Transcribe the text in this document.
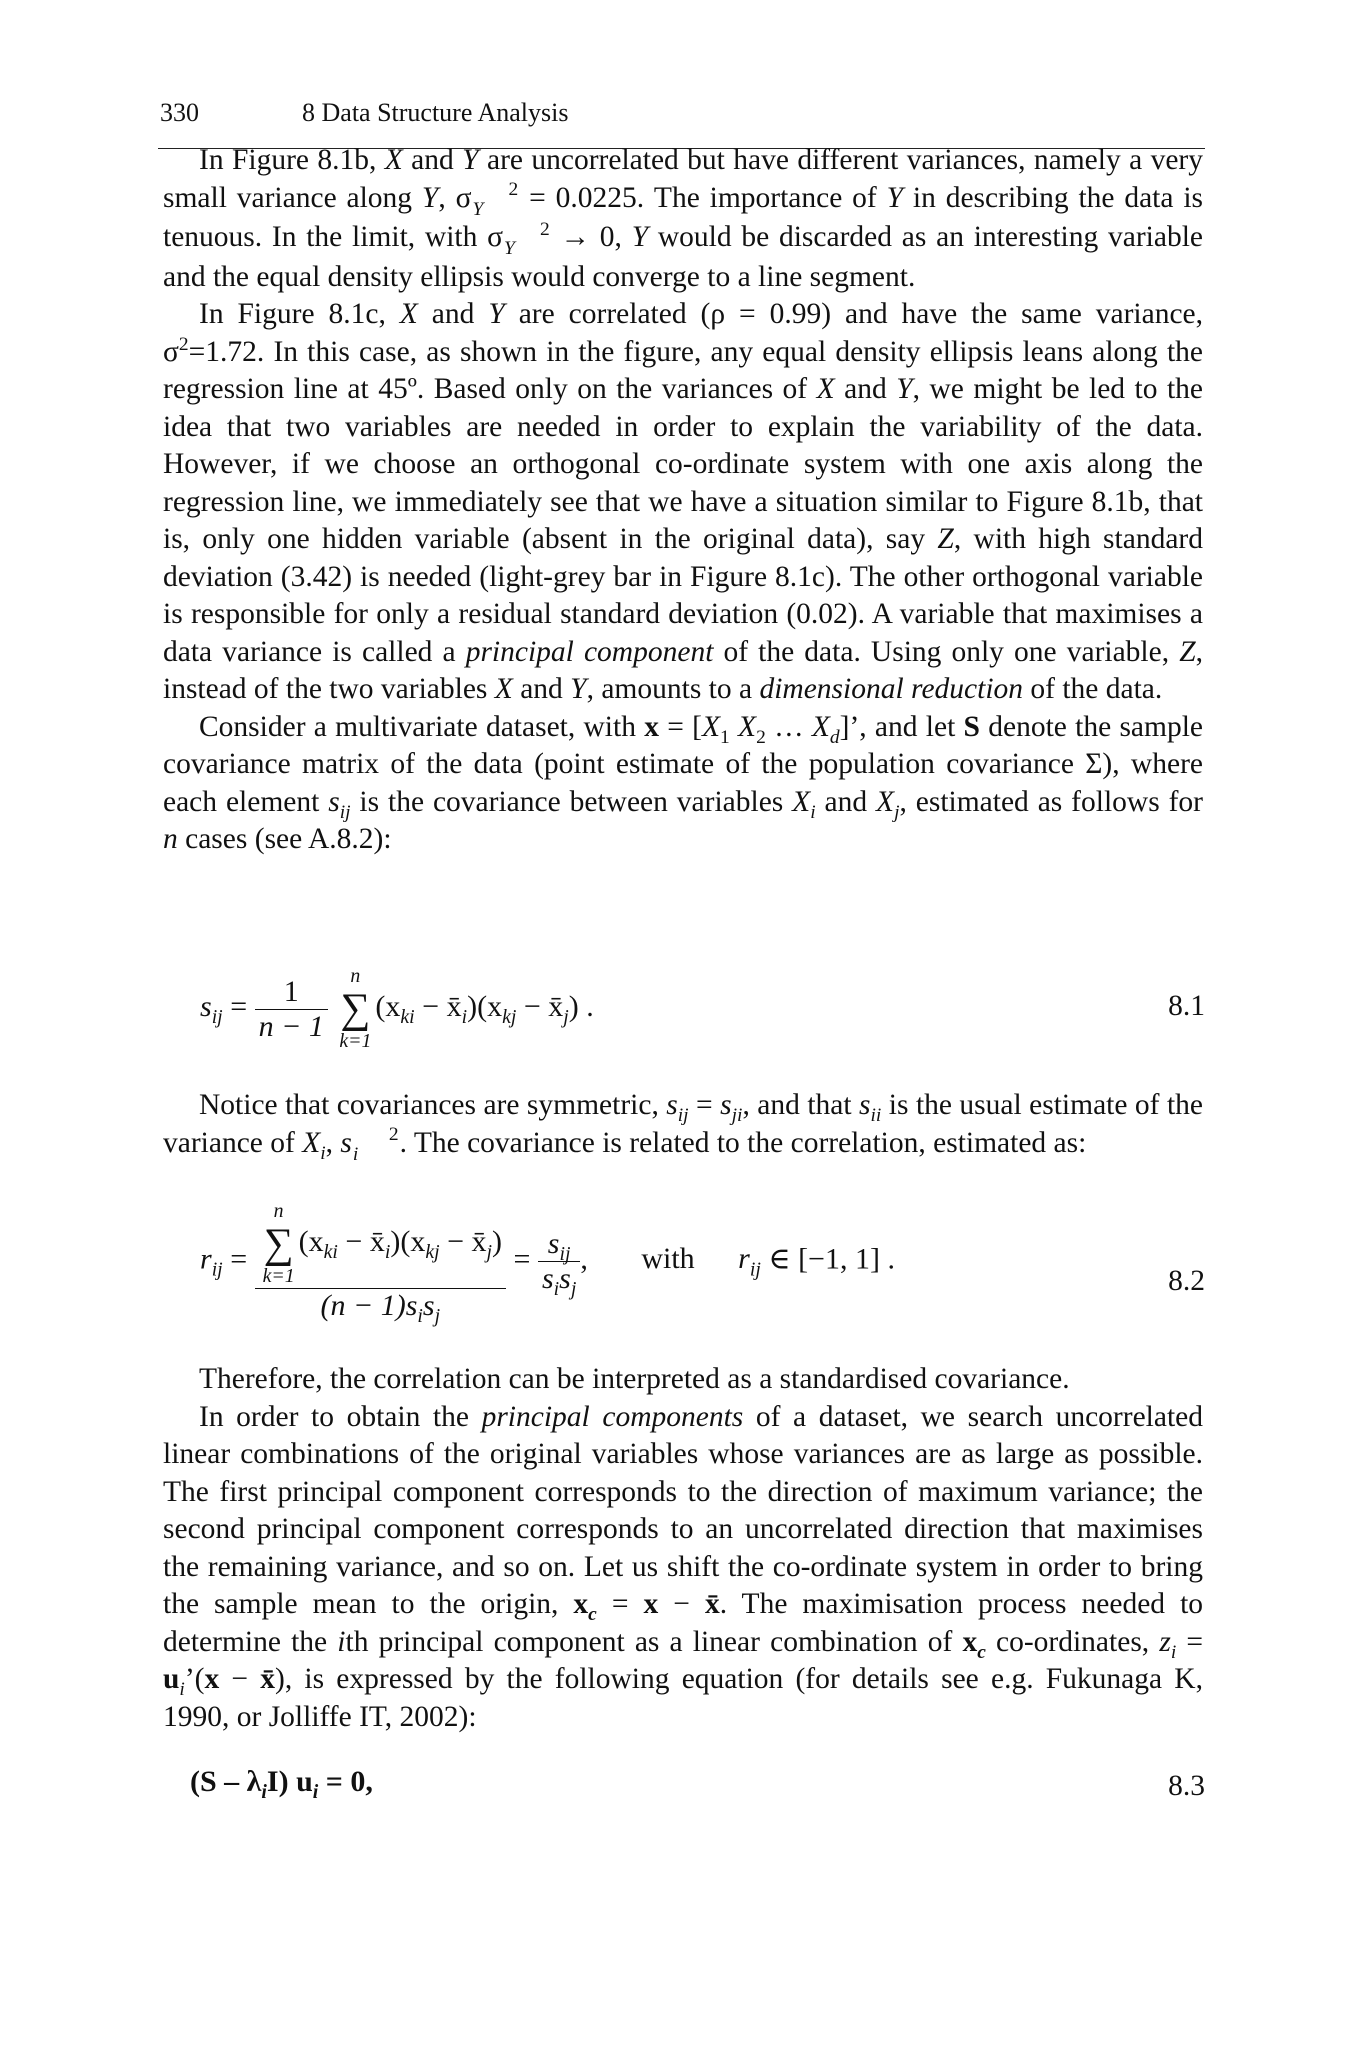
330	8 Data Structure Analysis

In Figure 8.1b, X and Y are uncorrelated but have different variances, namely a very small variance along Y, σ	2
Y = 0.0225. The importance of Y in describing the data is tenuous. In the limit, with σ	2
Y → 0, Y would be discarded as an interesting variable and the equal density ellipsis would converge to a line segment.

In Figure 8.1c, X and Y are correlated (ρ = 0.99) and have the same variance, $\sigma^2=1.72$. In this case, as shown in the figure, any equal density ellipsis leans along the regression line at 45º. Based only on the variances of X and Y, we might be led to the idea that two variables are needed in order to explain the variability of the data. However, if we choose an orthogonal co-ordinate system with one axis along the regression line, we immediately see that we have a situation similar to Figure 8.1b, that is, only one hidden variable (absent in the original data), say Z, with high standard deviation (3.42) is needed (light-grey bar in Figure 8.1c). The other orthogonal variable is responsible for only a residual standard deviation (0.02). A variable that maximises a data variance is called a principal component of the data. Using only one variable, Z, instead of the two variables X and Y, amounts to a dimensional reduction of the data.

Consider a multivariate dataset, with $x = [X_1$ $X_2$ … $X_d$]’, and let S denote the sample covariance matrix of the data (point estimate of the population covariance Σ), where each element $s_{ij}$ is the covariance between variables $X_i$ and $X_j$, estimated as follows for n cases (see A.8.2):

$s_{ij} = \frac{1}{n - 1}$
	n
∑
k=1
($x_{ki}$ − $x̄_i)(x_{kj}$ − $x̄_j$) .	8.1

Notice that covariances are symmetric, $s_{ij} = s_{ji}$, and that $s_{ii}$ is the usual estimate of the variance of $X_i$, s	2
i . The covariance is related to the correlation, estimated as:

$r_{ij} = n$
∑
k=1
($x_{ki}$ − $x̄_i)(x_{kj}$ − $x̄_j$)
$(n - 1)s_is_j = \frac{s_{ij}}{s_is_j}$ , with $r_{ij}$ ∈ [−1, 1] .
8.2

Therefore, the correlation can be interpreted as a standardised covariance.

In order to obtain the principal components of a dataset, we search uncorrelated linear combinations of the original variables whose variances are as large as possible. The first principal component corresponds to the direction of maximum variance; the second principal component corresponds to an uncorrelated direction that maximises the remaining variance, and so on. Let us shift the co-ordinate system in order to bring the sample mean to the origin, $x_c = x$ − x̄. The maximisation process needed to determine the ith principal component as a linear combination of $x_c$ co-ordinates, $z_i$ = $u_i’(x$ − x̄), is expressed by the following equation (for details see e.g. Fukunaga K, 1990, or Jolliffe IT, 2002):

$(S - \lambda_iI)$ $u_i = 0$,	8.3
